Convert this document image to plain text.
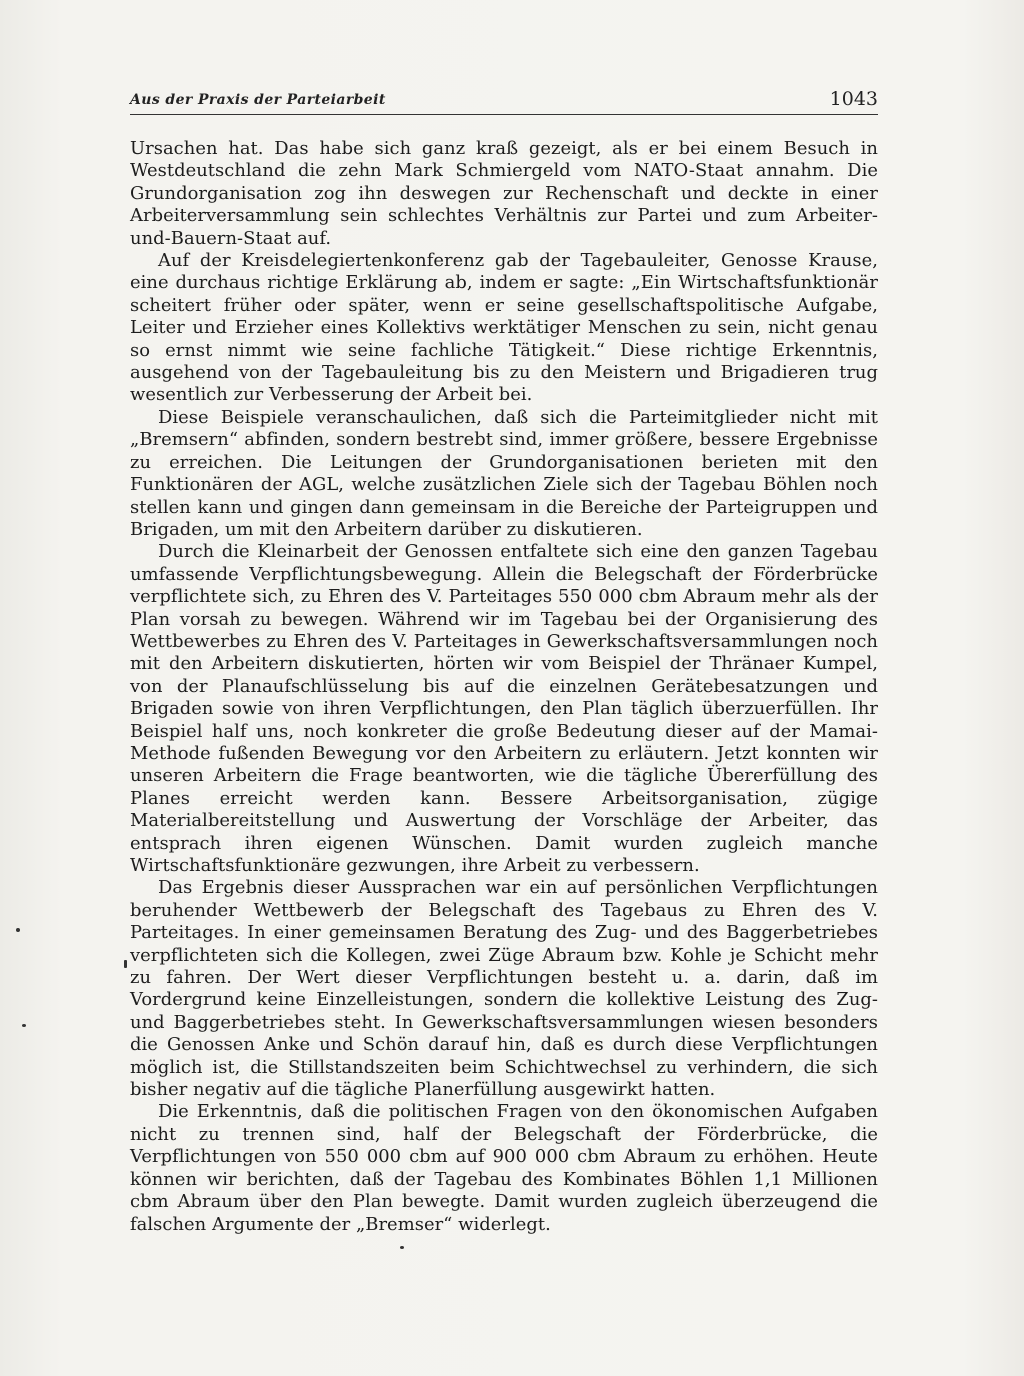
Aus der Praxis der Parteiarbeit	1043

Ursachen hat. Das habe sich ganz kraß gezeigt, als er bei einem Besuch in Westdeutschland die zehn Mark Schmiergeld vom NATO-Staat annahm. Die Grundorganisation zog ihn deswegen zur Rechenschaft und deckte in einer Arbeiterversammlung sein schlechtes Verhältnis zur Partei und zum Arbeiter-und-Bauern-Staat auf.

Auf der Kreisdelegiertenkonferenz gab der Tagebauleiter, Genosse Krause, eine durchaus richtige Erklärung ab, indem er sagte: „Ein Wirtschaftsfunktionär scheitert früher oder später, wenn er seine gesellschaftspolitische Aufgabe, Leiter und Erzieher eines Kollektivs werktätiger Menschen zu sein, nicht genau so ernst nimmt wie seine fachliche Tätigkeit.“ Diese richtige Erkenntnis, ausgehend von der Tagebauleitung bis zu den Meistern und Brigadieren trug wesentlich zur Verbesserung der Arbeit bei.

Diese Beispiele veranschaulichen, daß sich die Parteimitglieder nicht mit „Bremsern“ abfinden, sondern bestrebt sind, immer größere, bessere Ergebnisse zu erreichen. Die Leitungen der Grundorganisationen berieten mit den Funktionären der AGL, welche zusätzlichen Ziele sich der Tagebau Böhlen noch stellen kann und gingen dann gemeinsam in die Bereiche der Parteigruppen und Brigaden, um mit den Arbeitern darüber zu diskutieren.

Durch die Kleinarbeit der Genossen entfaltete sich eine den ganzen Tagebau umfassende Verpflichtungsbewegung. Allein die Belegschaft der Förderbrücke verpflichtete sich, zu Ehren des V. Parteitages 550 000 cbm Abraum mehr als der Plan vorsah zu bewegen. Während wir im Tagebau bei der Organisierung des Wettbewerbes zu Ehren des V. Parteitages in Gewerkschaftsversammlungen noch mit den Arbeitern diskutierten, hörten wir vom Beispiel der Thränaer Kumpel, von der Planaufschlüsselung bis auf die einzelnen Gerätebesatzungen und Brigaden sowie von ihren Verpflichtungen, den Plan täglich überzuerfüllen. Ihr Beispiel half uns, noch konkreter die große Bedeutung dieser auf der Mamai-Methode fußenden Bewegung vor den Arbeitern zu erläutern. Jetzt konnten wir unseren Arbeitern die Frage beantworten, wie die tägliche Übererfüllung des Planes erreicht werden kann. Bessere Arbeitsorganisation, zügige Materialbereitstellung und Auswertung der Vorschläge der Arbeiter, das entsprach ihren eigenen Wünschen. Damit wurden zugleich manche Wirtschaftsfunktionäre gezwungen, ihre Arbeit zu verbessern.

Das Ergebnis dieser Aussprachen war ein auf persönlichen Verpflichtungen beruhender Wettbewerb der Belegschaft des Tagebaus zu Ehren des V. Parteitages. In einer gemeinsamen Beratung des Zug- und des Baggerbetriebes verpflichteten sich die Kollegen, zwei Züge Abraum bzw. Kohle je Schicht mehr zu fahren. Der Wert dieser Verpflichtungen besteht u. a. darin, daß im Vordergrund keine Einzelleistungen, sondern die kollektive Leistung des Zug- und Baggerbetriebes steht. In Gewerkschaftsversammlungen wiesen besonders die Genossen Anke und Schön darauf hin, daß es durch diese Verpflichtungen möglich ist, die Stillstandszeiten beim Schichtwechsel zu verhindern, die sich bisher negativ auf die tägliche Planerfüllung ausgewirkt hatten.

Die Erkenntnis, daß die politischen Fragen von den ökonomischen Aufgaben nicht zu trennen sind, half der Belegschaft der Förderbrücke, die Verpflichtungen von 550 000 cbm auf 900 000 cbm Abraum zu erhöhen. Heute können wir berichten, daß der Tagebau des Kombinates Böhlen 1,1 Millionen cbm Abraum über den Plan bewegte. Damit wurden zugleich überzeugend die falschen Argumente der „Bremser“ widerlegt.
